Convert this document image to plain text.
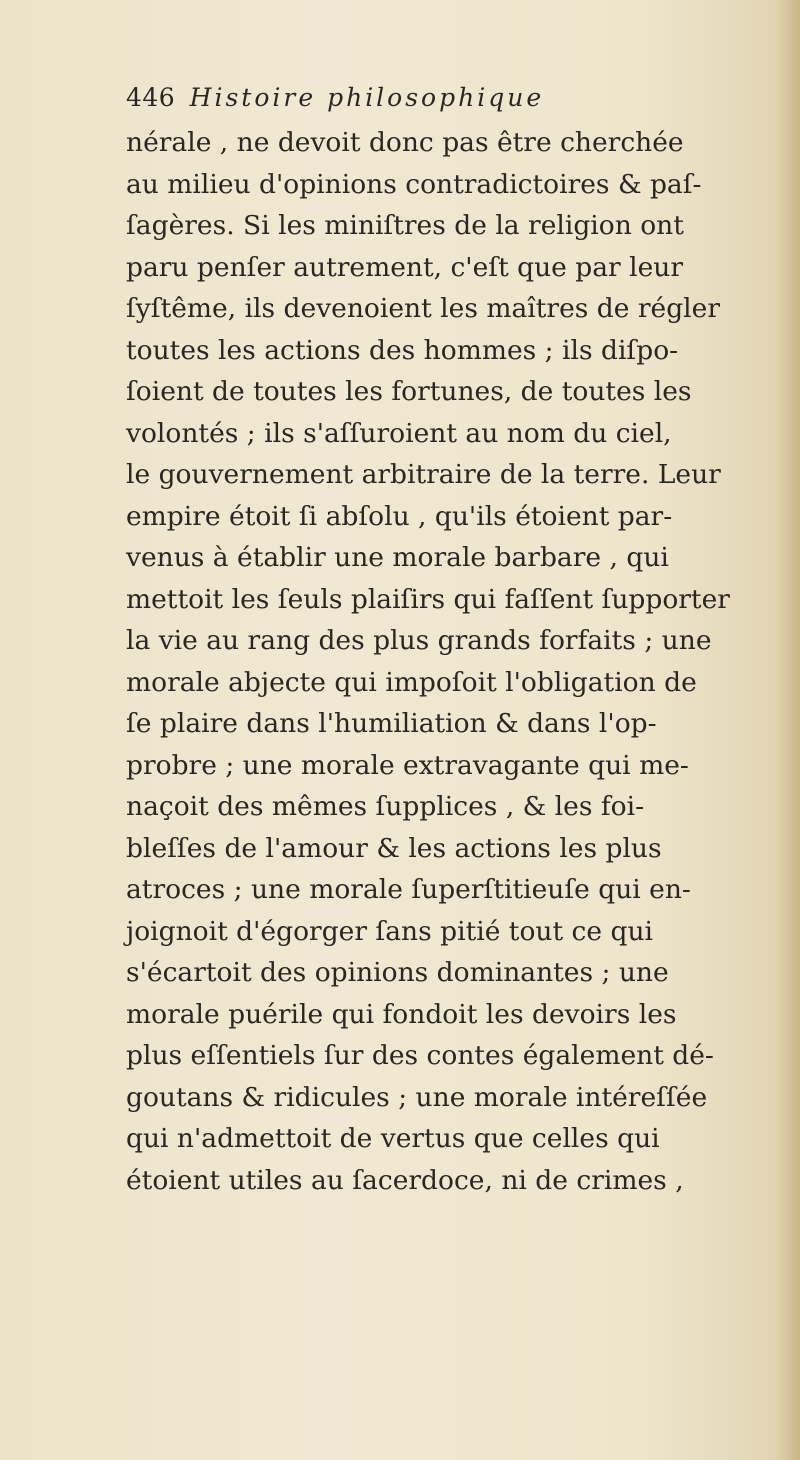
446 Histoire philosophique
nérale , ne devoit donc pas être cherchée
au milieu d'opinions contradictoires & paſ-
ſagères. Si les miniſtres de la religion ont
paru penſer autrement, c'eſt que par leur
ſyſtême, ils devenoient les maîtres de régler
toutes les actions des hommes ; ils diſpo-
ſoient de toutes les fortunes, de toutes les
volontés ; ils s'aſſuroient au nom du ciel,
le gouvernement arbitraire de la terre. Leur
empire étoit ſi abſolu , qu'ils étoient par-
venus à établir une morale barbare , qui
mettoit les ſeuls plaiſirs qui faſſent ſupporter
la vie au rang des plus grands forfaits ; une
morale abjecte qui impoſoit l'obligation de
ſe plaire dans l'humiliation & dans l'op-
probre ; une morale extravagante qui me-
naçoit des mêmes ſupplices , & les foi-
bleſſes de l'amour & les actions les plus
atroces ; une morale ſuperſtitieuſe qui en-
joignoit d'égorger ſans pitié tout ce qui
s'écartoit des opinions dominantes ; une
morale puérile qui fondoit les devoirs les
plus eſſentiels ſur des contes également dé-
goutans & ridicules ; une morale intéreſſée
qui n'admettoit de vertus que celles qui
étoient utiles au ſacerdoce, ni de crimes ,
